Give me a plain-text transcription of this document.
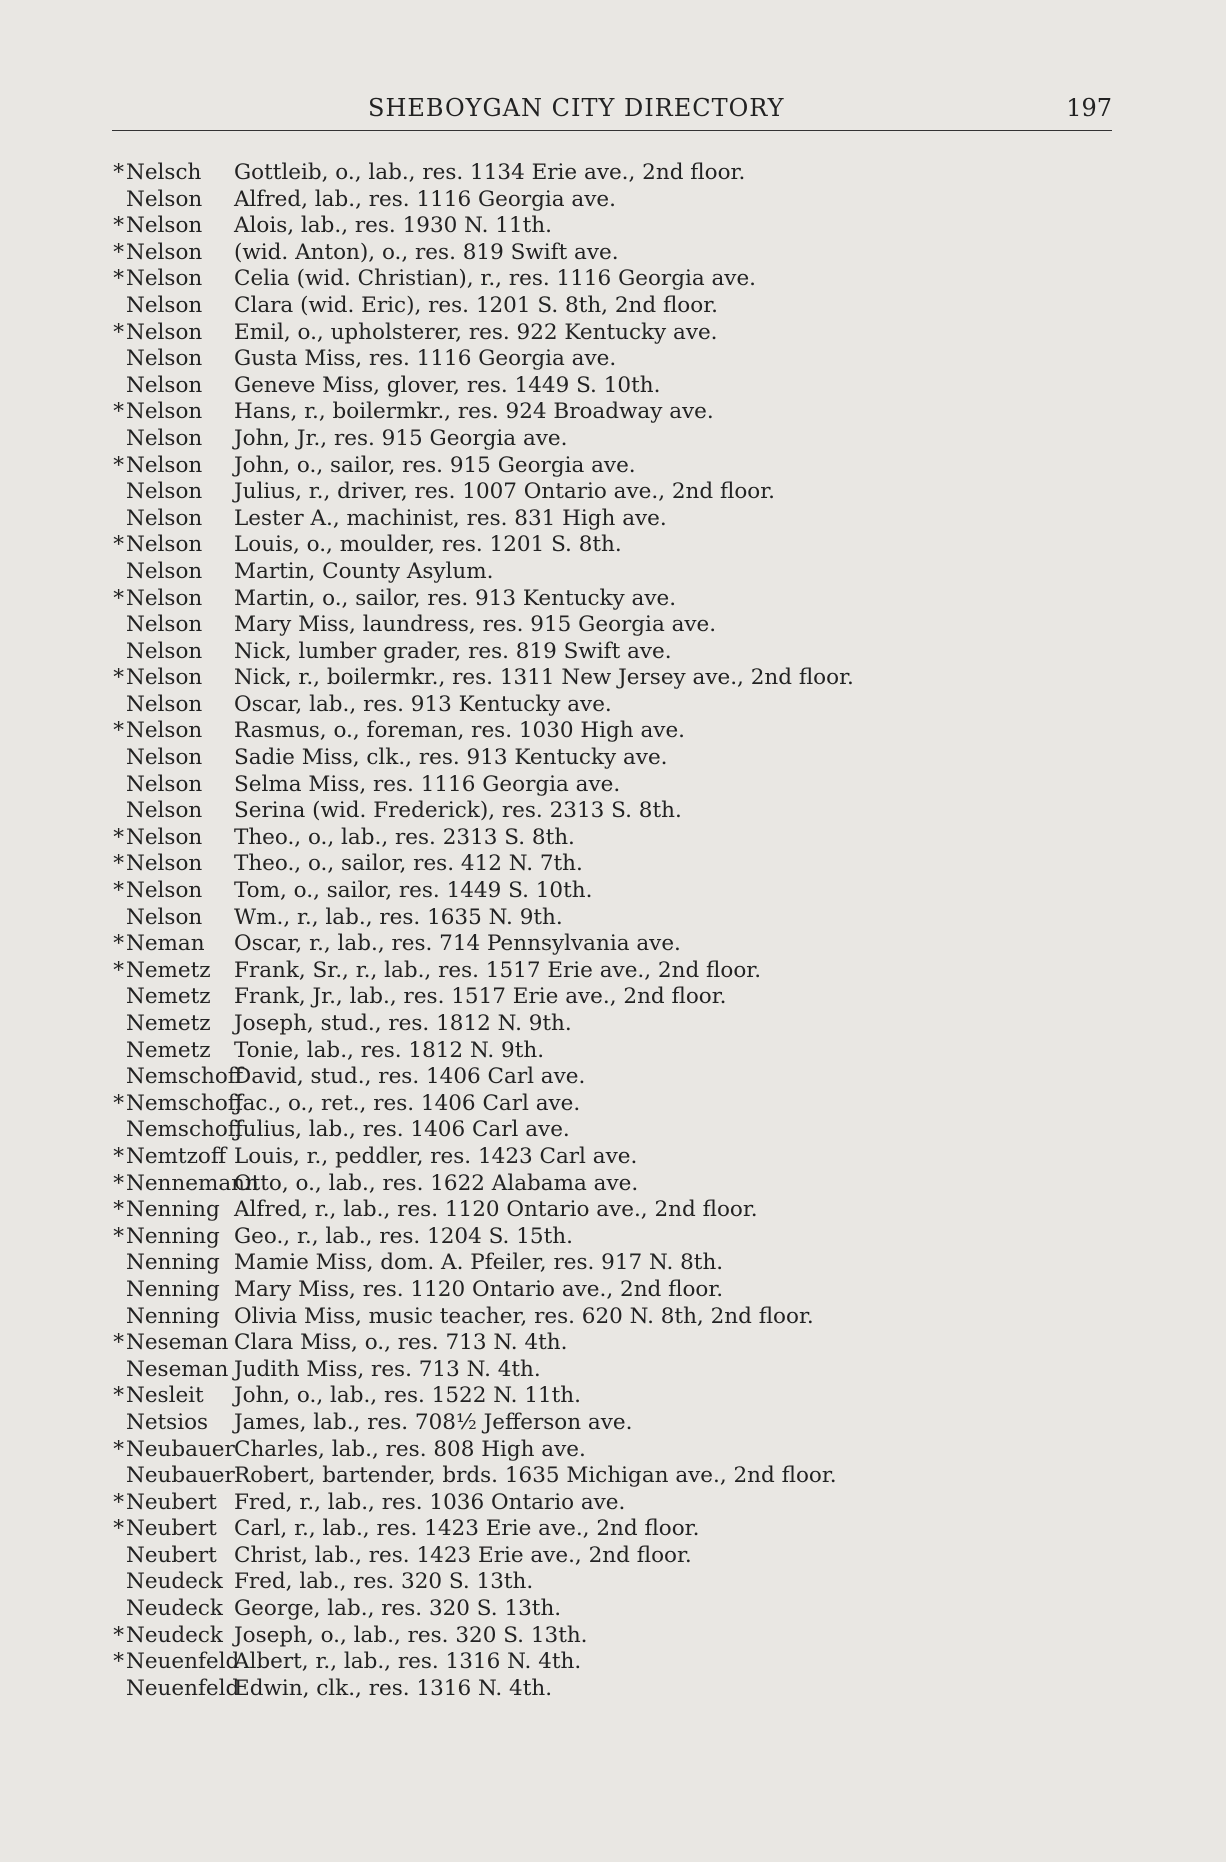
SHEBOYGAN CITY DIRECTORY	197
* Nelsch Gottleib, o., lab., res. 1134 Erie ave., 2nd floor.
Nelson Alfred, lab., res. 1116 Georgia ave.
* Nelson Alois, lab., res. 1930 N. 11th.
* Nelson (wid. Anton), o., res. 819 Swift ave.
* Nelson Celia (wid. Christian), r., res. 1116 Georgia ave.
Nelson Clara (wid. Eric), res. 1201 S. 8th, 2nd floor.
* Nelson Emil, o., upholsterer, res. 922 Kentucky ave.
Nelson Gusta Miss, res. 1116 Georgia ave.
Nelson Geneve Miss, glover, res. 1449 S. 10th.
* Nelson Hans, r., boilermkr., res. 924 Broadway ave.
Nelson John, Jr., res. 915 Georgia ave.
* Nelson John, o., sailor, res. 915 Georgia ave.
Nelson Julius, r., driver, res. 1007 Ontario ave., 2nd floor.
Nelson Lester A., machinist, res. 831 High ave.
* Nelson Louis, o., moulder, res. 1201 S. 8th.
Nelson Martin, County Asylum.
* Nelson Martin, o., sailor, res. 913 Kentucky ave.
Nelson Mary Miss, laundress, res. 915 Georgia ave.
Nelson Nick, lumber grader, res. 819 Swift ave.
* Nelson Nick, r., boilermkr., res. 1311 New Jersey ave., 2nd floor.
Nelson Oscar, lab., res. 913 Kentucky ave.
* Nelson Rasmus, o., foreman, res. 1030 High ave.
Nelson Sadie Miss, clk., res. 913 Kentucky ave.
Nelson Selma Miss, res. 1116 Georgia ave.
Nelson Serina (wid. Frederick), res. 2313 S. 8th.
* Nelson Theo., o., lab., res. 2313 S. 8th.
* Nelson Theo., o., sailor, res. 412 N. 7th.
* Nelson Tom, o., sailor, res. 1449 S. 10th.
Nelson Wm., r., lab., res. 1635 N. 9th.
* Neman Oscar, r., lab., res. 714 Pennsylvania ave.
* Nemetz Frank, Sr., r., lab., res. 1517 Erie ave., 2nd floor.
Nemetz Frank, Jr., lab., res. 1517 Erie ave., 2nd floor.
Nemetz Joseph, stud., res. 1812 N. 9th.
Nemetz Tonie, lab., res. 1812 N. 9th.
Nemschoff
David, stud., res. 1406 Carl ave.
* Nemschoff
Jac., o., ret., res. 1406 Carl ave.
Nemschoff
Julius, lab., res. 1406 Carl ave.
* Nemtzoff Louis, r., peddler, res. 1423 Carl ave.
* Nennemann
Otto, o., lab., res. 1622 Alabama ave.
* Nenning Alfred, r., lab., res. 1120 Ontario ave., 2nd floor.
* Nenning Geo., r., lab., res. 1204 S. 15th.
Nenning Mamie Miss, dom. A. Pfeiler, res. 917 N. 8th.
Nenning Mary Miss, res. 1120 Ontario ave., 2nd floor.
Nenning Olivia Miss, music teacher, res. 620 N. 8th, 2nd floor.
* Neseman Clara Miss, o., res. 713 N. 4th.
Neseman Judith Miss, res. 713 N. 4th.
* Nesleit John, o., lab., res. 1522 N. 11th.
Netsios James, lab., res. 708½ Jefferson ave.
* Neubauer Charles, lab., res. 808 High ave.
Neubauer Robert, bartender, brds. 1635 Michigan ave., 2nd floor.
* Neubert Fred, r., lab., res. 1036 Ontario ave.
* Neubert Carl, r., lab., res. 1423 Erie ave., 2nd floor.
Neubert Christ, lab., res. 1423 Erie ave., 2nd floor.
Neudeck Fred, lab., res. 320 S. 13th.
Neudeck George, lab., res. 320 S. 13th.
* Neudeck Joseph, o., lab., res. 320 S. 13th.
* Neuenfeld
Albert, r., lab., res. 1316 N. 4th.
Neuenfeld
Edwin, clk., res. 1316 N. 4th.
